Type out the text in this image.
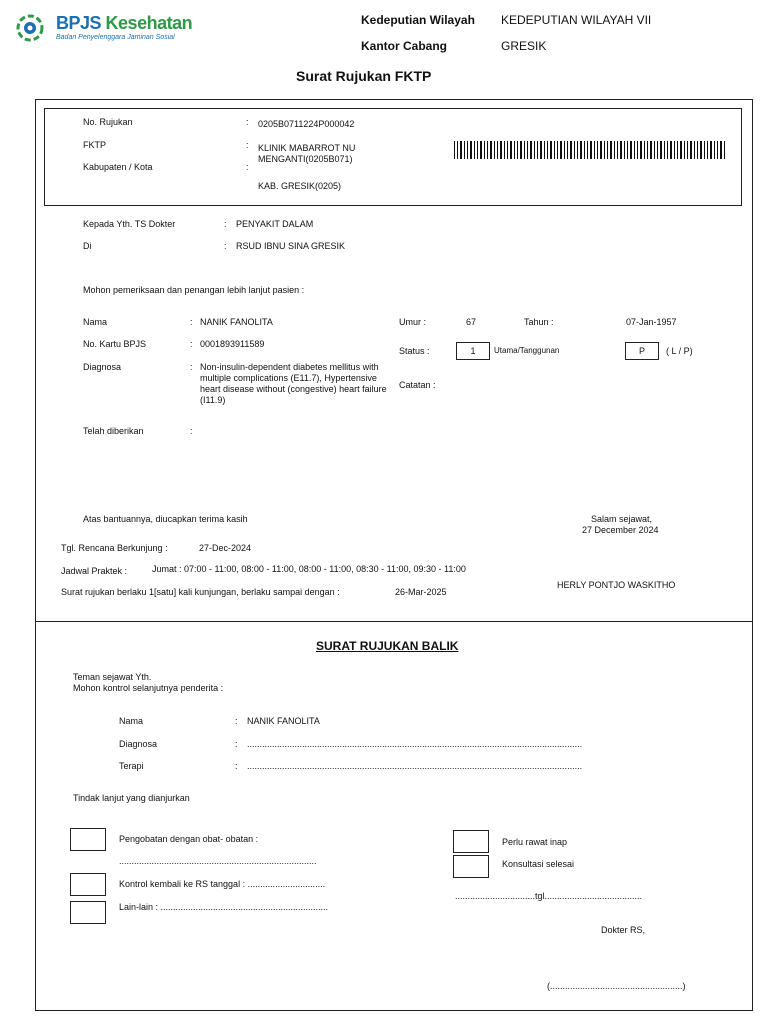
BPJS Kesehatan
Badan Penyelenggara Jaminan Sosial
Kedeputian Wilayah KEDEPUTIAN WILAYAH VII
Kantor Cabang	GRESIK
Surat Rujukan FKTP
No. Rujukan	: 0205B0711224P000042
FKTP	: KLINIK MABARROT NU MENGANTI(0205B071)
Kabupaten / Kota	:
KAB. GRESIK(0205)
Kepada Yth. TS Dokter	: PENYAKIT DALAM
Di	: RSUD IBNU SINA GRESIK
Mohon pemeriksaan dan penangan lebih lanjut pasien :
Nama	: NANIK FANOLITA
No. Kartu BPJS	: 0001893911589
Diagnosa	: Non-insulin-dependent diabetes mellitus with multiple complications (E11.7), Hypertensive heart disease without (congestive) heart failure (I11.9)
Telah diberikan	:
Umur :	67	Tahun :	07-Jan-1957
Status :	1	Utama/Tanggunan	P	( L / P)
Catatan :
Atas bantuannya, diucapkan terima kasih	Salam sejawat,
27 December 2024
Tgl. Rencana Berkunjung :	27-Dec-2024
Jadwal Praktek :	Jumat : 07:00 - 11:00, 08:00 - 11:00, 08:00 - 11:00, 08:30 - 11:00, 09:30 - 11:00
Surat rujukan berlaku 1[satu] kali kunjungan, berlaku sampai dengan :	26-Mar-2025
HERLY PONTJO WASKITHO
SURAT RUJUKAN BALIK
Teman sejawat Yth.
Mohon kontrol selanjutnya penderita :
Nama	: NANIK FANOLITA
Diagnosa	: ......................................................................................................................................
Terapi	: ......................................................................................................................................
Tindak lanjut yang dianjurkan
Pengobatan dengan obat- obatan :
...............................................................................
Kontrol kembali ke RS tanggal : ...............................
Lain-lain : ...................................................................
Perlu rawat inap
Konsultasi selesai
................................tgl.......................................
Dokter RS,
(.....................................................)
